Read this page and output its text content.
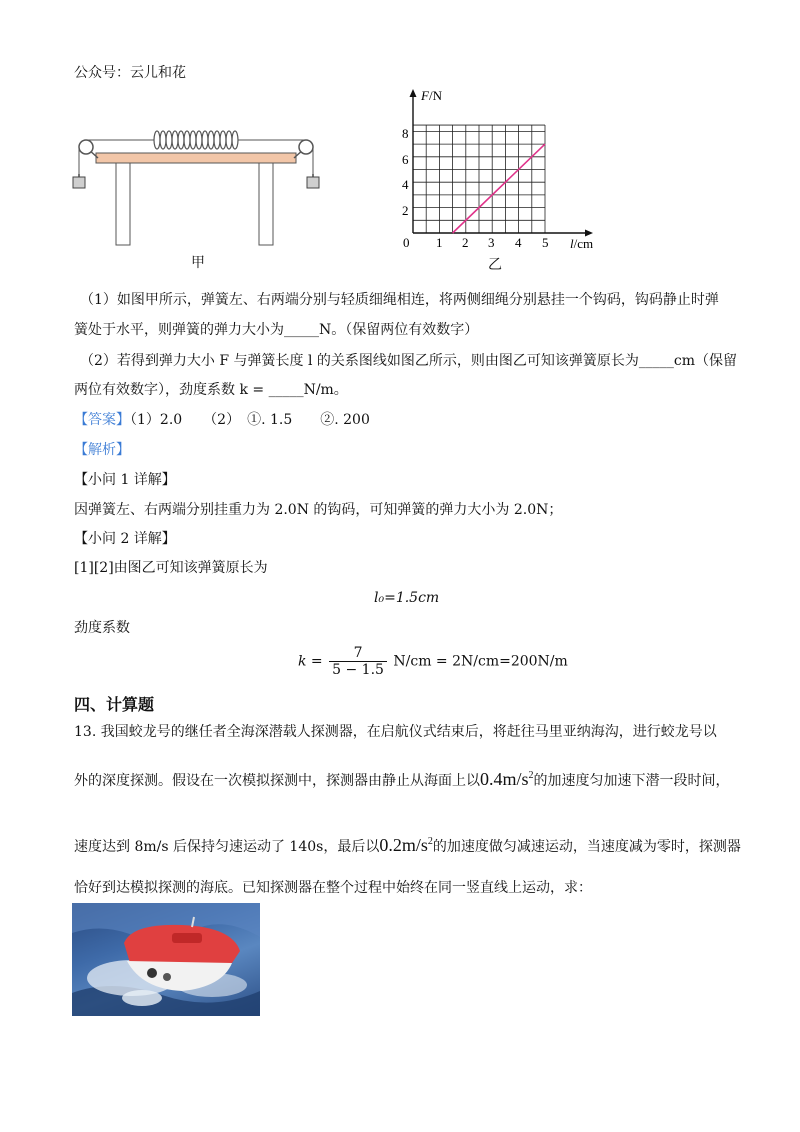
公众号：云儿和花
甲
F/N
l/cm
0
8
6
4
2
1 2 3 4 5
乙
（1）如图甲所示，弹簧左、右两端分别与轻质细绳相连，将两侧细绳分别悬挂一个钩码，钩码静止时弹
簧处于水平，则弹簧的弹力大小为_____N。（保留两位有效数字）
（2）若得到弹力大小 F 与弹簧长度 l 的关系图线如图乙所示，则由图乙可知该弹簧原长为_____cm（保留
两位有效数字），劲度系数 k = _____N/m。
【答案】（1）2.0　　（2）　①. 1.5　　②. 200
【解析】
【小问 1 详解】
因弹簧左、右两端分别挂重力为 2.0N 的钩码，可知弹簧的弹力大小为 2.0N；
【小问 2 详解】
[1][2]由图乙可知该弹簧原长为
l₀=1.5cm
劲度系数
$k = \frac{7}{5 - 1.5} N/cm = 2N/cm=200N/m$
四、计算题
13. 我国蛟龙号的继任者全海深潜载人探测器，在启航仪式结束后，将赶往马里亚纳海沟，进行蛟龙号以
外的深度探测。假设在一次模拟探测中，探测器由静止从海面上以$0.4m/s^2$的加速度匀加速下潜一段时间，
速度达到 8m/s 后保持匀速运动了 140s，最后以$0.2m/s^2$的加速度做匀减速运动，当速度减为零时，探测器
恰好到达模拟探测的海底。已知探测器在整个过程中始终在同一竖直线上运动，求：
